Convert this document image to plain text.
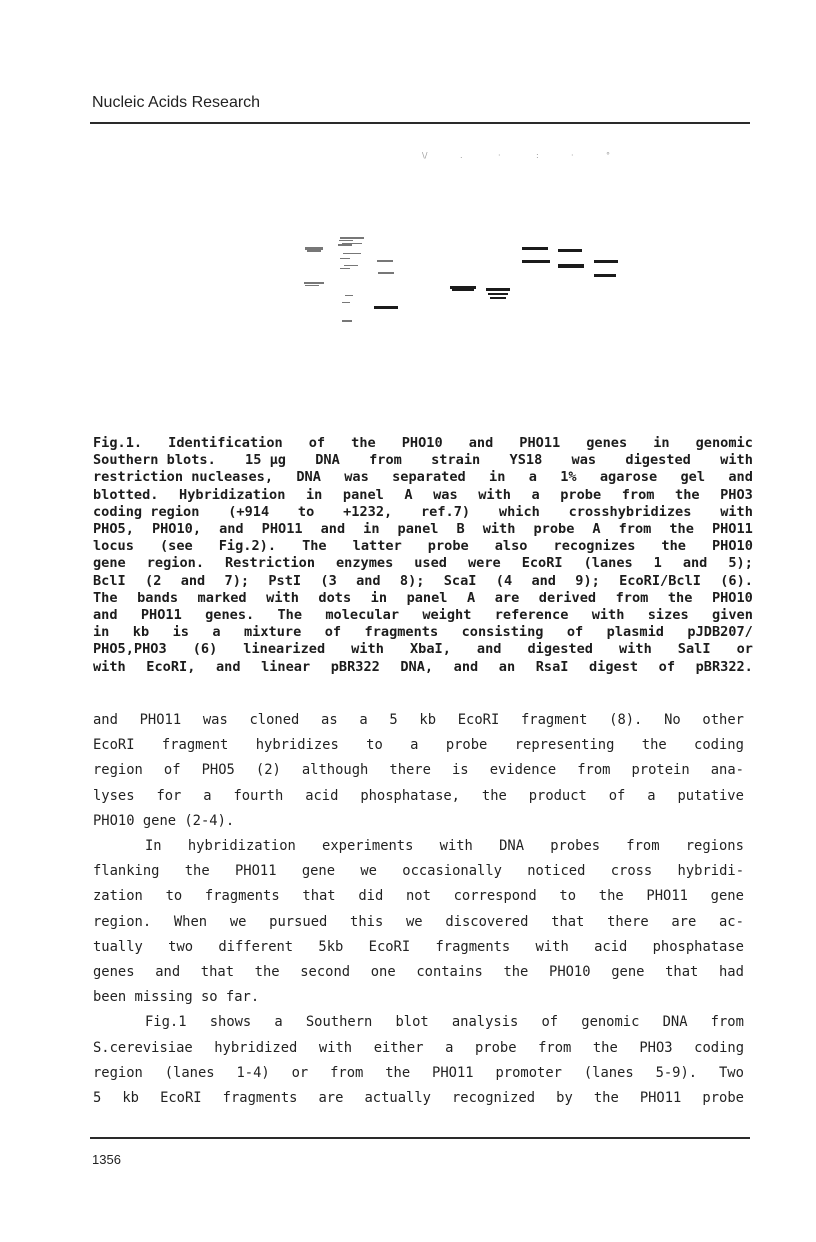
Nucleic Acids Research
\/	.	·	:	·	°
Fig.1. Identification of the PHO10 and PHO11 genes in genomic
Southern blots. 15 µg DNA from strain YS18 was digested with
restriction nucleases, DNA was separated in a 1% agarose gel and
blotted. Hybridization in panel A was with a probe from the PHO3
coding region (+914 to +1232, ref.7) which crosshybridizes with
PHO5, PHO10, and PHO11 and in panel B with probe A from the PHO11
locus (see Fig.2). The latter probe also recognizes the PHO10
gene region. Restriction enzymes used were EcoRI (lanes 1 and 5);
BclI (2 and 7); PstI (3 and 8); ScaI (4 and 9); EcoRI/BclI (6).
The bands marked with dots in panel A are derived from the PHO10
and PHO11 genes. The molecular weight reference with sizes given
in kb is a mixture of fragments consisting of plasmid pJDB207/
PHO5,PHO3 (6) linearized with XbaI, and digested with SalI or
with EcoRI, and linear pBR322 DNA, and an RsaI digest of pBR322.
and PHO11 was cloned as a 5 kb EcoRI fragment (8). No other
EcoRI fragment hybridizes to a probe representing the coding
region of PHO5 (2) although there is evidence from protein ana-
lyses for a fourth acid phosphatase, the product of a putative
PHO10 gene (2-4).
In hybridization experiments with DNA probes from regions
flanking the PHO11 gene we occasionally noticed cross hybridi-
zation to fragments that did not correspond to the PHO11 gene
region. When we pursued this we discovered that there are ac-
tually two different 5kb EcoRI fragments with acid phosphatase
genes and that the second one contains the PHO10 gene that had
been missing so far.
Fig.1 shows a Southern blot analysis of genomic DNA from
S.cerevisiae hybridized with either a probe from the PHO3 coding
region (lanes 1-4) or from the PHO11 promoter (lanes 5-9). Two
5 kb EcoRI fragments are actually recognized by the PHO11 probe
1356
